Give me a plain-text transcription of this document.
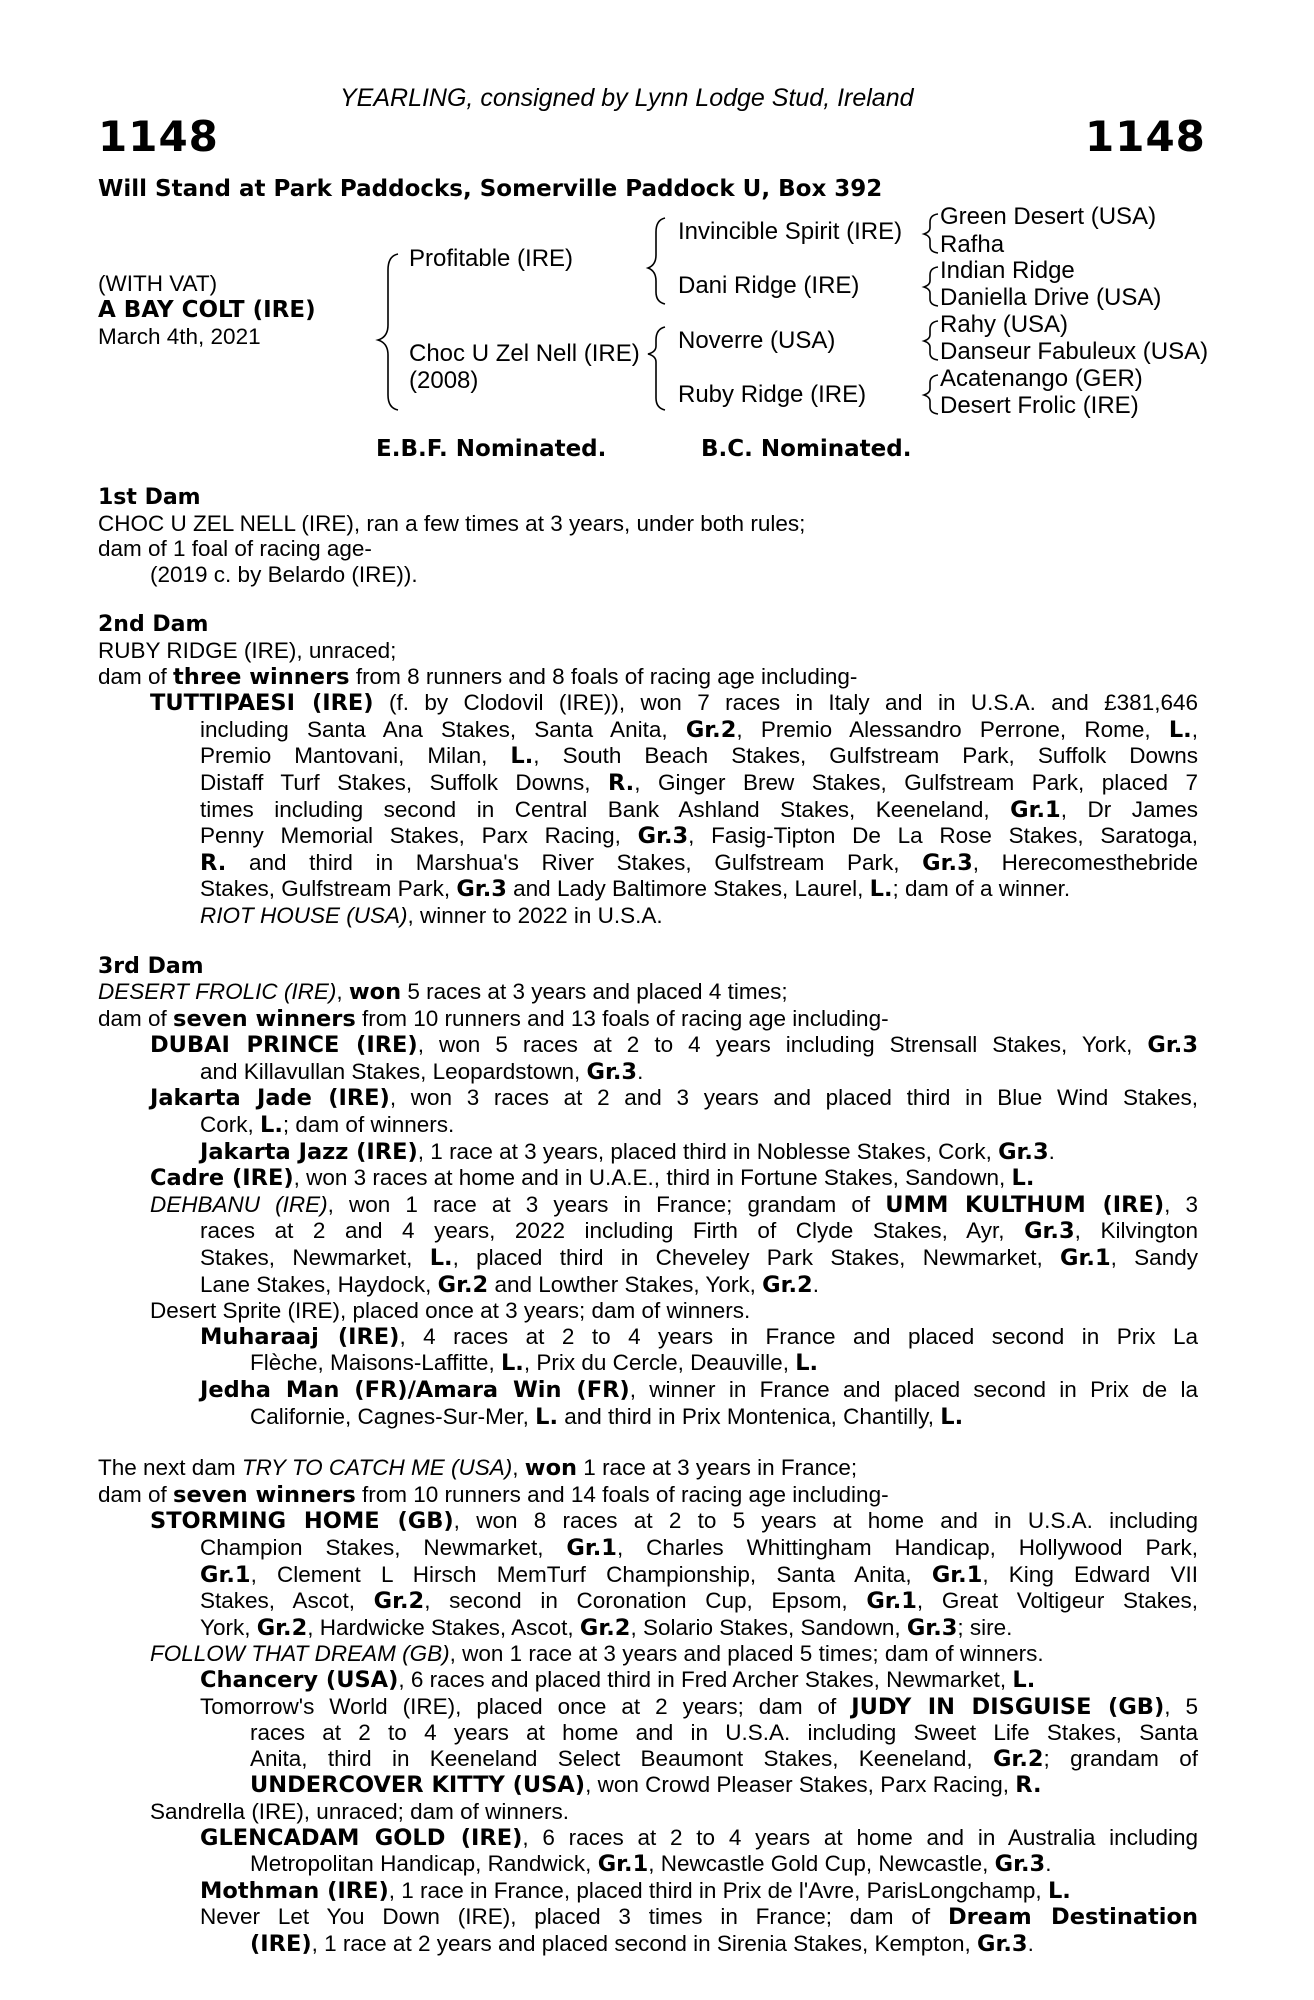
YEARLING, consigned by Lynn Lodge Stud, Ireland
1148	1148
Will Stand at Park Paddocks, Somerville Paddock U, Box 392
(WITH VAT)
A BAY COLT (IRE)
March 4th, 2021
Profitable (IRE)
Choc U Zel Nell (IRE)
(2008)
Invincible Spirit (IRE)
Dani Ridge (IRE)
Noverre (USA)
Ruby Ridge (IRE)
Green Desert (USA)
Rafha
Indian Ridge
Daniella Drive (USA)
Rahy (USA)
Danseur Fabuleux (USA)
Acatenango (GER)
Desert Frolic (IRE)
E.B.F. Nominated.	B.C. Nominated.
1st Dam
CHOC U ZEL NELL (IRE), ran a few times at 3 years, under both rules;
dam of 1 foal of racing age-
(2019 c. by Belardo (IRE)).
2nd Dam
RUBY RIDGE (IRE), unraced;
dam of three winners from 8 runners and 8 foals of racing age including-
TUTTIPAESI (IRE) (f. by Clodovil (IRE)), won 7 races in Italy and in U.S.A. and £381,646
including Santa Ana Stakes, Santa Anita, Gr.2, Premio Alessandro Perrone, Rome, L.,
Premio Mantovani, Milan, L., South Beach Stakes, Gulfstream Park, Suffolk Downs
Distaff Turf Stakes, Suffolk Downs, R., Ginger Brew Stakes, Gulfstream Park, placed 7
times including second in Central Bank Ashland Stakes, Keeneland, Gr.1, Dr James
Penny Memorial Stakes, Parx Racing, Gr.3, Fasig-Tipton De La Rose Stakes, Saratoga,
R. and third in Marshua's River Stakes, Gulfstream Park, Gr.3, Herecomesthebride
Stakes, Gulfstream Park, Gr.3 and Lady Baltimore Stakes, Laurel, L.; dam of a winner.
RIOT HOUSE (USA), winner to 2022 in U.S.A.
3rd Dam
DESERT FROLIC (IRE), won 5 races at 3 years and placed 4 times;
dam of seven winners from 10 runners and 13 foals of racing age including-
DUBAI PRINCE (IRE), won 5 races at 2 to 4 years including Strensall Stakes, York, Gr.3
and Killavullan Stakes, Leopardstown, Gr.3.
Jakarta Jade (IRE), won 3 races at 2 and 3 years and placed third in Blue Wind Stakes,
Cork, L.; dam of winners.
Jakarta Jazz (IRE), 1 race at 3 years, placed third in Noblesse Stakes, Cork, Gr.3.
Cadre (IRE), won 3 races at home and in U.A.E., third in Fortune Stakes, Sandown, L.
DEHBANU (IRE), won 1 race at 3 years in France; grandam of UMM KULTHUM (IRE), 3
races at 2 and 4 years, 2022 including Firth of Clyde Stakes, Ayr, Gr.3, Kilvington
Stakes, Newmarket, L., placed third in Cheveley Park Stakes, Newmarket, Gr.1, Sandy
Lane Stakes, Haydock, Gr.2 and Lowther Stakes, York, Gr.2.
Desert Sprite (IRE), placed once at 3 years; dam of winners.
Muharaaj (IRE), 4 races at 2 to 4 years in France and placed second in Prix La
Flèche, Maisons-Laffitte, L., Prix du Cercle, Deauville, L.
Jedha Man (FR)/Amara Win (FR), winner in France and placed second in Prix de la
Californie, Cagnes-Sur-Mer, L. and third in Prix Montenica, Chantilly, L.
The next dam TRY TO CATCH ME (USA), won 1 race at 3 years in France;
dam of seven winners from 10 runners and 14 foals of racing age including-
STORMING HOME (GB), won 8 races at 2 to 5 years at home and in U.S.A. including
Champion Stakes, Newmarket, Gr.1, Charles Whittingham Handicap, Hollywood Park,
Gr.1, Clement L Hirsch MemTurf Championship, Santa Anita, Gr.1, King Edward VII
Stakes, Ascot, Gr.2, second in Coronation Cup, Epsom, Gr.1, Great Voltigeur Stakes,
York, Gr.2, Hardwicke Stakes, Ascot, Gr.2, Solario Stakes, Sandown, Gr.3; sire.
FOLLOW THAT DREAM (GB), won 1 race at 3 years and placed 5 times; dam of winners.
Chancery (USA), 6 races and placed third in Fred Archer Stakes, Newmarket, L.
Tomorrow's World (IRE), placed once at 2 years; dam of JUDY IN DISGUISE (GB), 5
races at 2 to 4 years at home and in U.S.A. including Sweet Life Stakes, Santa
Anita, third in Keeneland Select Beaumont Stakes, Keeneland, Gr.2; grandam of
UNDERCOVER KITTY (USA), won Crowd Pleaser Stakes, Parx Racing, R.
Sandrella (IRE), unraced; dam of winners.
GLENCADAM GOLD (IRE), 6 races at 2 to 4 years at home and in Australia including
Metropolitan Handicap, Randwick, Gr.1, Newcastle Gold Cup, Newcastle, Gr.3.
Mothman (IRE), 1 race in France, placed third in Prix de l'Avre, ParisLongchamp, L.
Never Let You Down (IRE), placed 3 times in France; dam of Dream Destination
(IRE), 1 race at 2 years and placed second in Sirenia Stakes, Kempton, Gr.3.
